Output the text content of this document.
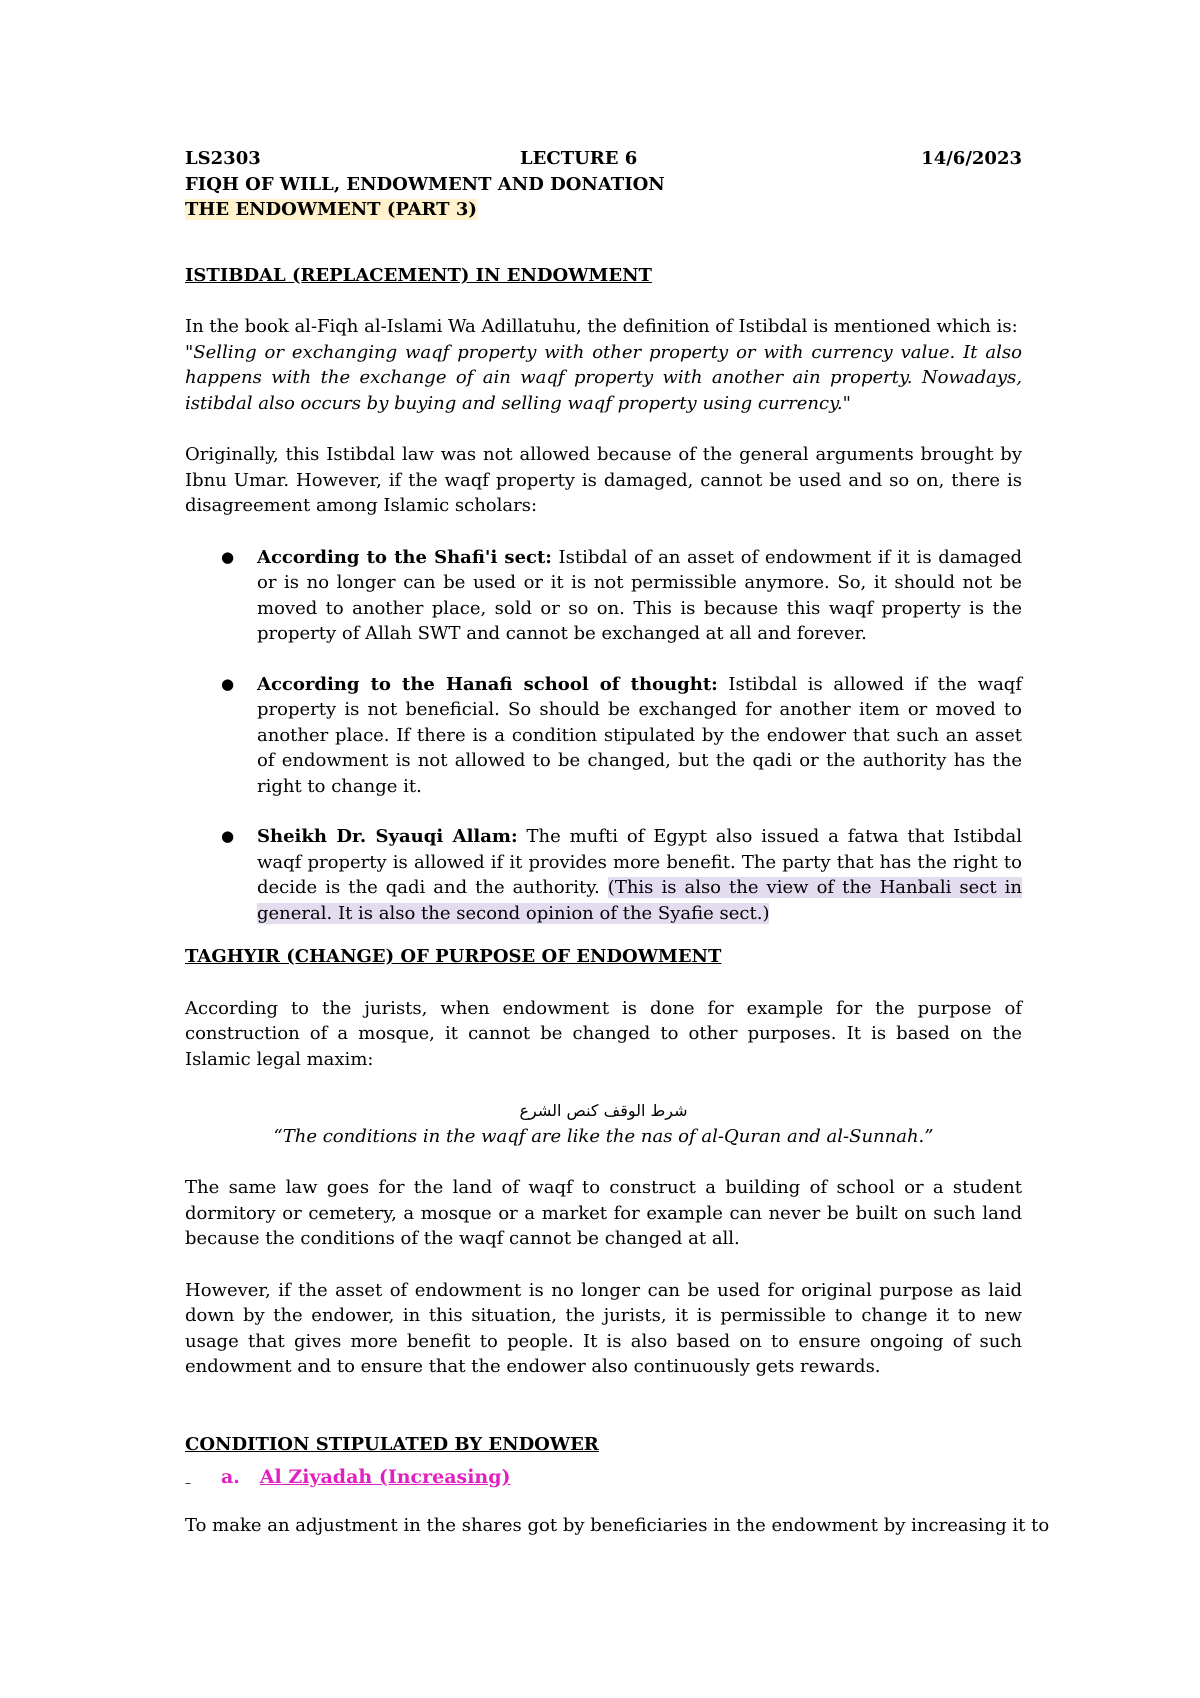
LS2303	LECTURE 6	14/6/2023
FIQH OF WILL, ENDOWMENT AND DONATION
THE ENDOWMENT (PART 3)
ISTIBDAL (REPLACEMENT) IN ENDOWMENT

In the book al-Fiqh al-Islami Wa Adillatuhu, the definition of Istibdal is mentioned which is:

"Selling or exchanging waqf property with other property or with currency value. It also happens with the exchange of ain waqf property with another ain property. Nowadays, istibdal also occurs by buying and selling waqf property using currency."

Originally, this Istibdal law was not allowed because of the general arguments brought by Ibnu Umar. However, if the waqf property is damaged, cannot be used and so on, there is disagreement among Islamic scholars:

● According to the Shafi'i sect: Istibdal of an asset of endowment if it is damaged or is no longer can be used or it is not permissible anymore. So, it should not be moved to another place, sold or so on. This is because this waqf property is the property of Allah SWT and cannot be exchanged at all and forever.
● According to the Hanafi school of thought: Istibdal is allowed if the waqf property is not beneficial. So should be exchanged for another item or moved to another place. If there is a condition stipulated by the endower that such an asset of endowment is not allowed to be changed, but the qadi or the authority has the right to change it.
● Sheikh Dr. Syauqi Allam: The mufti of Egypt also issued a fatwa that Istibdal waqf property is allowed if it provides more benefit. The party that has the right to decide is the qadi and the authority. (This is also the view of the Hanbali sect in general. It is also the second opinion of the Syafie sect.)
TAGHYIR (CHANGE) OF PURPOSE OF ENDOWMENT

According to the jurists, when endowment is done for example for the purpose of construction of a mosque, it cannot be changed to other purposes. It is based on the Islamic legal maxim:

شرط الوقف كنص الشرع
“The conditions in the waqf are like the nas of al-Quran and al-Sunnah.”

The same law goes for the land of waqf to construct a building of school or a student dormitory or cemetery, a mosque or a market for example can never be built on such land because the conditions of the waqf cannot be changed at all.

However, if the asset of endowment is no longer can be used for original purpose as laid down by the endower, in this situation, the jurists, it is permissible to change it to new usage that gives more benefit to people. It is also based on to ensure ongoing of such endowment and to ensure that the endower also continuously gets rewards.

CONDITION STIPULATED BY ENDOWER
–	a. Al Ziyadah (Increasing)

To make an adjustment in the shares got by beneficiaries in the endowment by increasing it to
